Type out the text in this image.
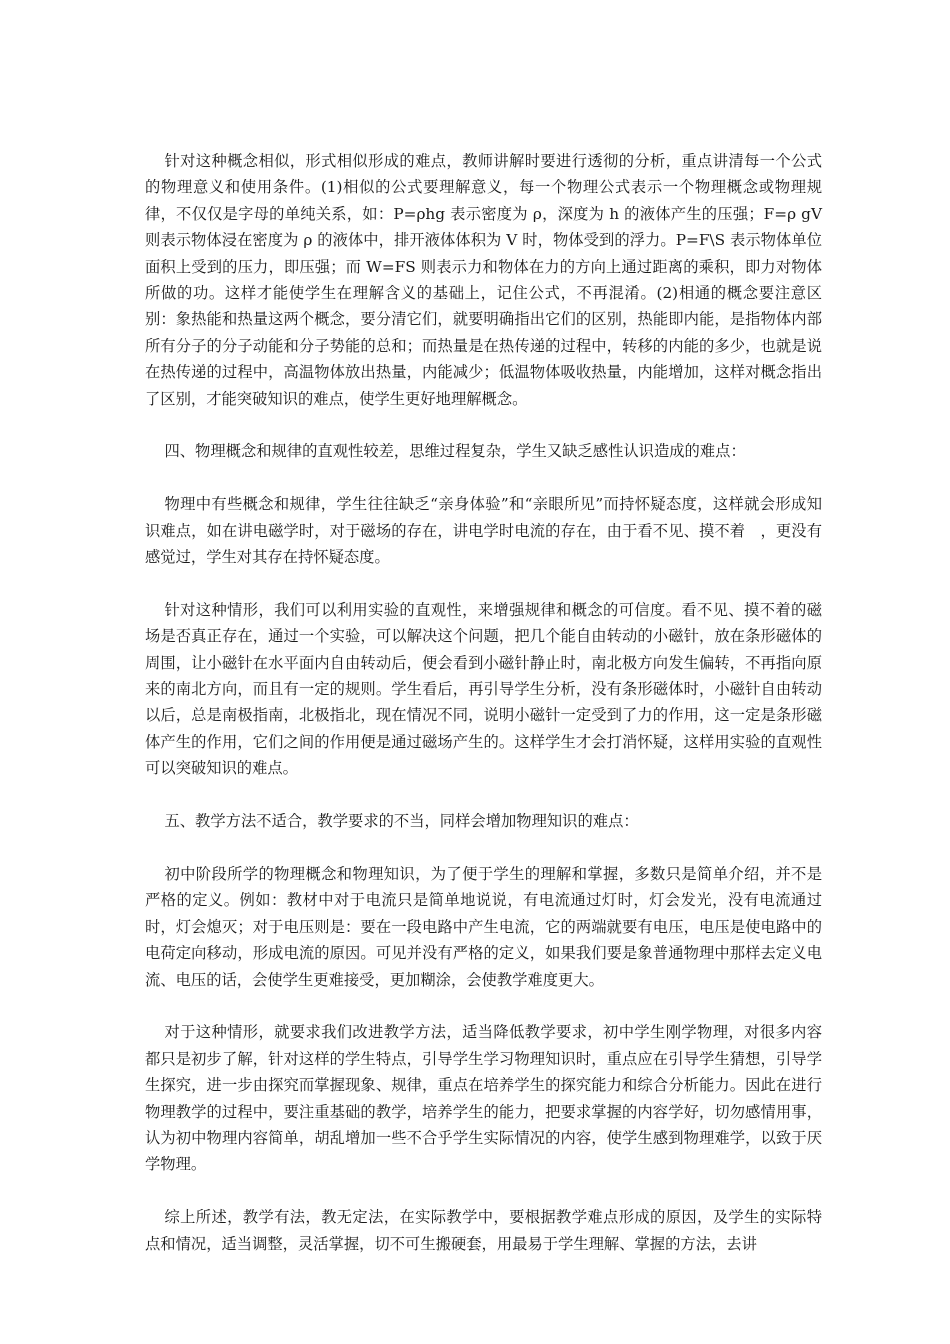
针对这种概念相似，形式相似形成的难点，教师讲解时要进行透彻的分析，重点讲清每一个公式的物理意义和使用条件。(1)相似的公式要理解意义，每一个物理公式表示一个物理概念或物理规律，不仅仅是字母的单纯关系，如：P=ρhg 表示密度为 ρ，深度为 h 的液体产生的压强；F=ρ gV 则表示物体浸在密度为 ρ 的液体中，排开液体体积为 V 时，物体受到的浮力。P=F\S 表示物体单位面积上受到的压力，即压强；而 W=FS 则表示力和物体在力的方向上通过距离的乘积，即力对物体所做的功。这样才能使学生在理解含义的基础上，记住公式，不再混淆。(2)相通的概念要注意区别：象热能和热量这两个概念，要分清它们，就要明确指出它们的区别，热能即内能，是指物体内部所有分子的分子动能和分子势能的总和；而热量是在热传递的过程中，转移的内能的多少，也就是说在热传递的过程中，高温物体放出热量，内能减少；低温物体吸收热量，内能增加，这样对概念指出了区别，才能突破知识的难点，使学生更好地理解概念。

四、物理概念和规律的直观性较差，思维过程复杂，学生又缺乏感性认识造成的难点：

物理中有些概念和规律，学生往往缺乏“亲身体验”和“亲眼所见”而持怀疑态度，这样就会形成知识难点，如在讲电磁学时，对于磁场的存在，讲电学时电流的存在，由于看不见、摸不着　，更没有感觉过，学生对其存在持怀疑态度。

针对这种情形，我们可以利用实验的直观性，来增强规律和概念的可信度。看不见、摸不着的磁场是否真正存在，通过一个实验，可以解决这个问题，把几个能自由转动的小磁针，放在条形磁体的周围，让小磁针在水平面内自由转动后，便会看到小磁针静止时，南北极方向发生偏转，不再指向原来的南北方向，而且有一定的规则。学生看后，再引导学生分析，没有条形磁体时，小磁针自由转动以后，总是南极指南，北极指北，现在情况不同，说明小磁针一定受到了力的作用，这一定是条形磁体产生的作用，它们之间的作用便是通过磁场产生的。这样学生才会打消怀疑，这样用实验的直观性可以突破知识的难点。

五、教学方法不适合，教学要求的不当，同样会增加物理知识的难点：

初中阶段所学的物理概念和物理知识，为了便于学生的理解和掌握，多数只是简单介绍，并不是严格的定义。例如：教材中对于电流只是简单地说说，有电流通过灯时，灯会发光，没有电流通过时，灯会熄灭；对于电压则是：要在一段电路中产生电流，它的两端就要有电压，电压是使电路中的电荷定向移动，形成电流的原因。可见并没有严格的定义，如果我们要是象普通物理中那样去定义电流、电压的话，会使学生更难接受，更加糊涂，会使教学难度更大。

对于这种情形，就要求我们改进教学方法，适当降低教学要求，初中学生刚学物理，对很多内容都只是初步了解，针对这样的学生特点，引导学生学习物理知识时，重点应在引导学生猜想，引导学生探究，进一步由探究而掌握现象、规律，重点在培养学生的探究能力和综合分析能力。因此在进行物理教学的过程中，要注重基础的教学，培养学生的能力，把要求掌握的内容学好，切勿感情用事，认为初中物理内容简单，胡乱增加一些不合乎学生实际情况的内容，使学生感到物理难学，以致于厌学物理。

综上所述，教学有法，教无定法，在实际教学中，要根据教学难点形成的原因，及学生的实际特点和情况，适当调整，灵活掌握，切不可生搬硬套，用最易于学生理解、掌握的方法，去讲
